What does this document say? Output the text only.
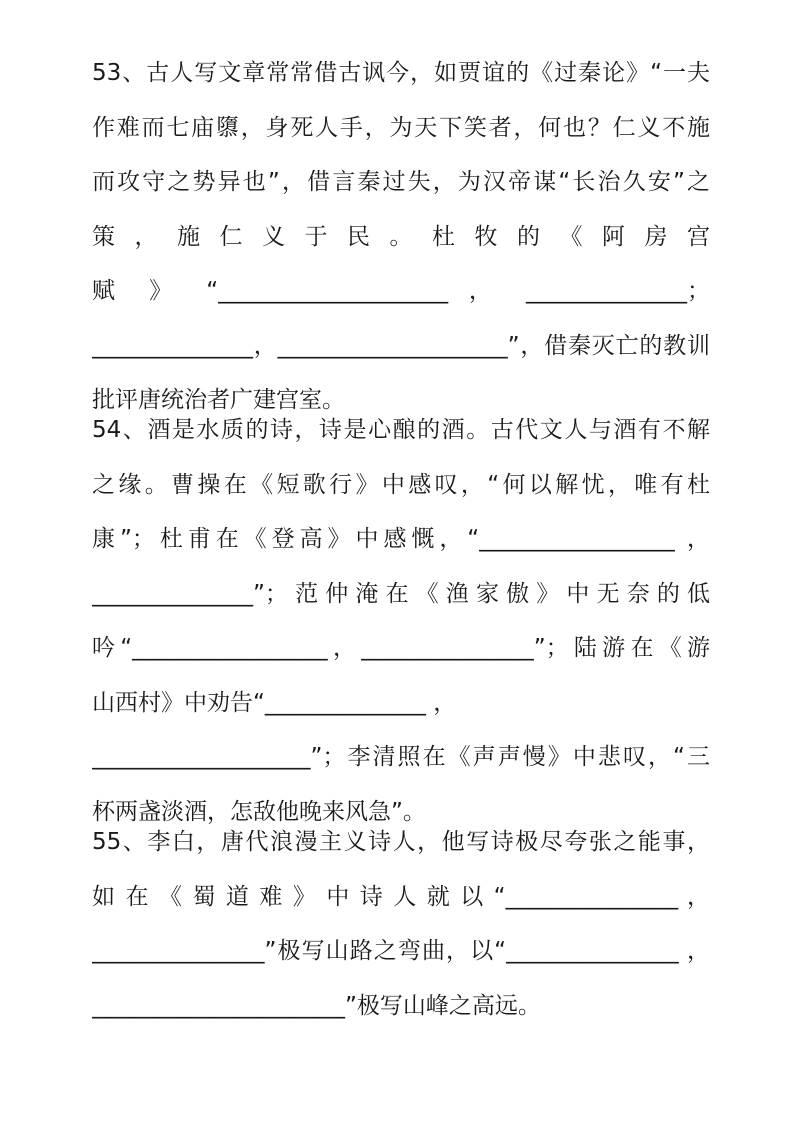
53、古人写文章常常借古讽今，如贾谊的《过秦论》“一夫
作难而七庙隳，身死人手，为天下笑者，何也？仁义不施
而攻守之势异也”，借言秦过失，为汉帝谋“长治久安”之
策 ， 施 仁 义 于 民 。 杜 牧 的 《 阿 房 宫
赋 》 “____________________ ， ______________；
______________，____________________”，借秦灭亡的教训
批评唐统治者广建宫室。
54、酒是水质的诗，诗是心酿的酒。古代文人与酒有不解
之缘。曹操在《短歌行》中感叹，“何以解忧，唯有杜
康”；杜甫在《登高》中感慨，“_________________ ，
______________”；范仲淹在《渔家傲》中无奈的低
吟“_________________，_______________”；陆游在《游
山西村》中劝告“______________ ，
___________________”；李清照在《声声慢》中悲叹，“三
杯两盏淡酒，怎敌他晚来风急”。
55、李白，唐代浪漫主义诗人，他写诗极尽夸张之能事，
如 在 《 蜀 道 难 》 中 诗 人 就 以 “_______________ ，
_______________”极写山路之弯曲，以“_______________ ，
______________________”极写山峰之高远。
